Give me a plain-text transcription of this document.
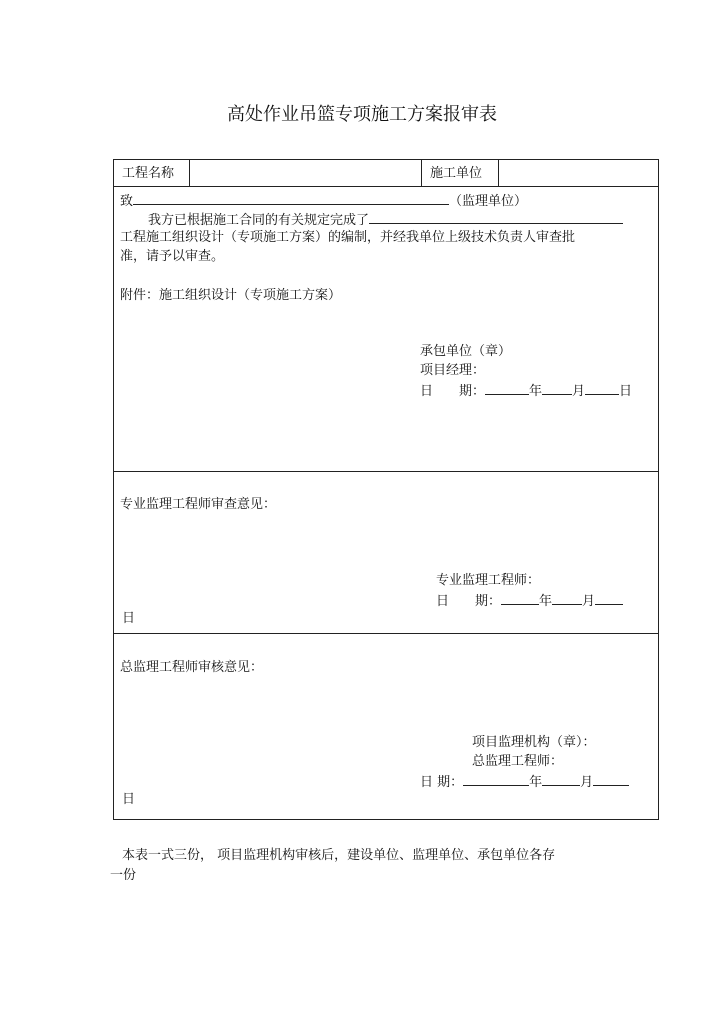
高处作业吊篮专项施工方案报审表
工程名称	施工单位
致	（监理单位）
我方已根据施工合同的有关规定完成了
工程施工组织设计（专项施工方案）的编制，并经我单位上级技术负责人审查批
准，请予以审查。
附件：施工组织设计（专项施工方案）
承包单位（章）
项目经理：
日　　期：	年 月	日
专业监理工程师审查意见：
专业监理工程师：
日　　期：	年 月
日
总监理工程师审核意见：
项目监理机构（章）：
总监理工程师：
日 期：	年	月
日
本表一式三份， 项目监理机构审核后，建设单位、监理单位、承包单位各存
一份
